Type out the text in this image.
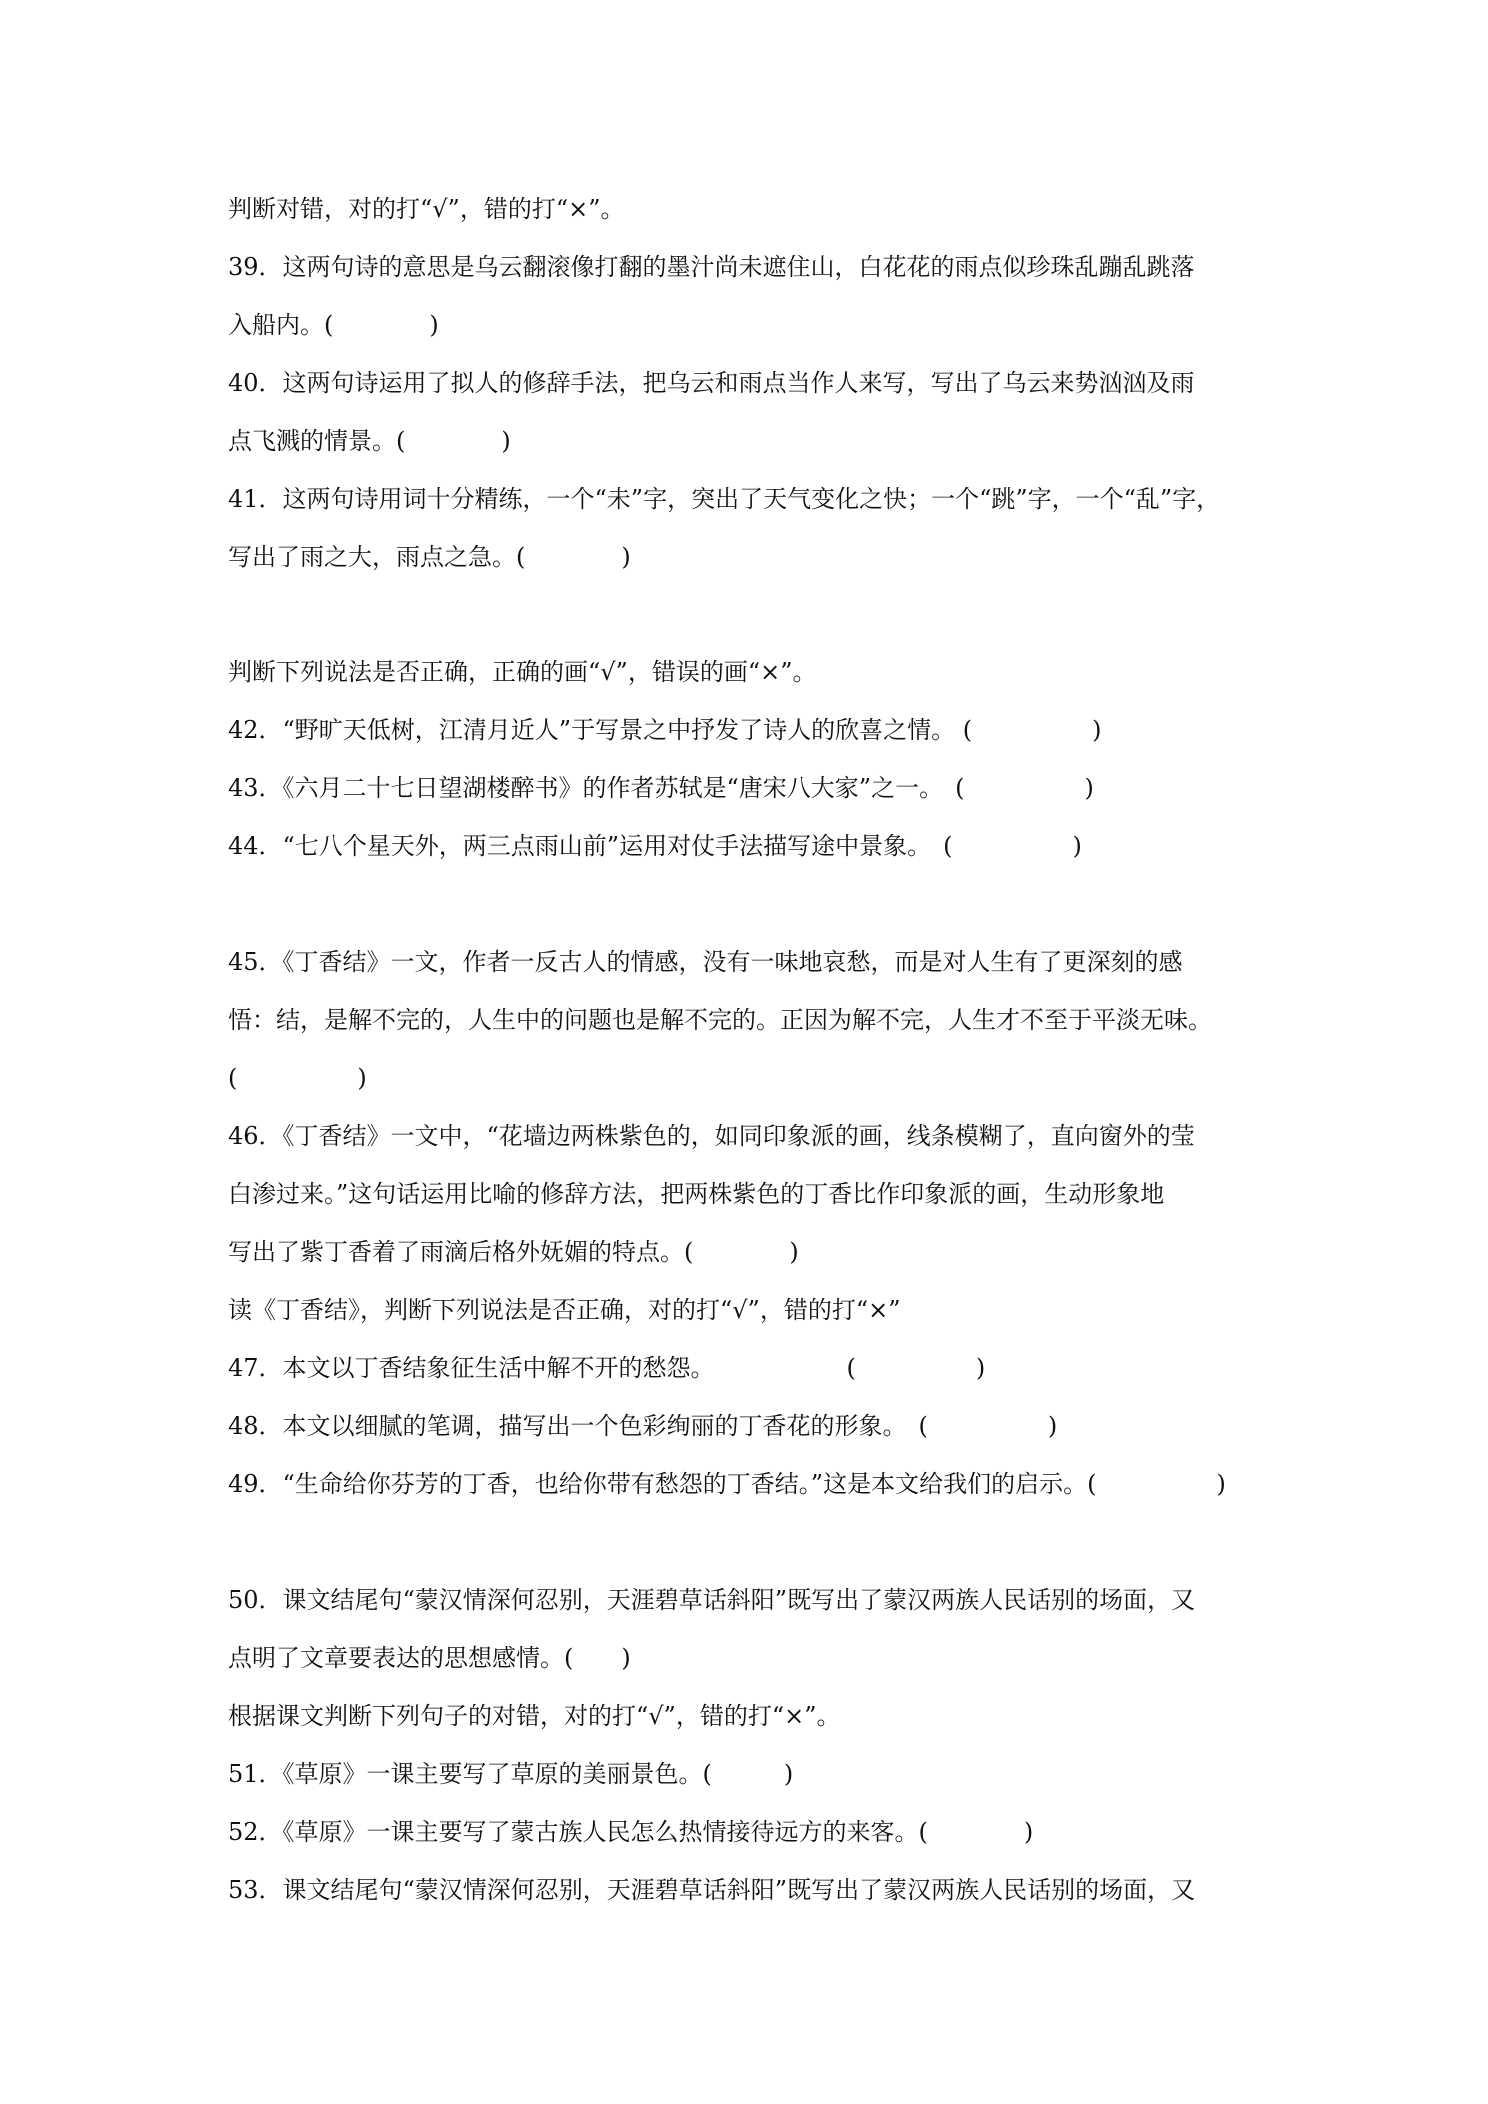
判断对错，对的打“√”，错的打“×”。
39．这两句诗的意思是乌云翻滚像打翻的墨汁尚未遮住山，白花花的雨点似珍珠乱蹦乱跳落
入船内。(　　　　)
40．这两句诗运用了拟人的修辞手法，把乌云和雨点当作人来写，写出了乌云来势汹汹及雨
点飞溅的情景。(　　　　)
41．这两句诗用词十分精练，一个“未”字，突出了天气变化之快；一个“跳”字，一个“乱”字，
写出了雨之大，雨点之急。(　　　　)
判断下列说法是否正确，正确的画“√”，错误的画“×”。
42．“野旷天低树，江清月近人”于写景之中抒发了诗人的欣喜之情。 (　　　　　)
43．《六月二十七日望湖楼醉书》的作者苏轼是“唐宋八大家”之一。　(　　　　　)
44．“七八个星天外，两三点雨山前”运用对仗手法描写途中景象。　(　　　　　)
45．《丁香结》一文，作者一反古人的情感，没有一味地哀愁，而是对人生有了更深刻的感
悟：结，是解不完的，人生中的问题也是解不完的。正因为解不完，人生才不至于平淡无味。
(　　　　　)
46．《丁香结》一文中，“花墙边两株紫色的，如同印象派的画，线条模糊了，直向窗外的莹
白渗过来。”这句话运用比喻的修辞方法，把两株紫色的丁香比作印象派的画，生动形象地
写出了紫丁香着了雨滴后格外妩媚的特点。(　　　　)
读《丁香结》，判断下列说法是否正确，对的打“√”，错的打“×”
47．本文以丁香结象征生活中解不开的愁怨。　　　　　　(　　　　　)
48．本文以细腻的笔调，描写出一个色彩绚丽的丁香花的形象。　(　　　　　)
49．“生命给你芬芳的丁香，也给你带有愁怨的丁香结。”这是本文给我们的启示。(　　　　　)
50．课文结尾句“蒙汉情深何忍别，天涯碧草话斜阳”既写出了蒙汉两族人民话别的场面，又
点明了文章要表达的思想感情。(　　)
根据课文判断下列句子的对错，对的打“√”，错的打“×”。
51．《草原》一课主要写了草原的美丽景色。(　　　)
52．《草原》一课主要写了蒙古族人民怎么热情接待远方的来客。(　　　　)
53．课文结尾句“蒙汉情深何忍别，天涯碧草话斜阳”既写出了蒙汉两族人民话别的场面，又
